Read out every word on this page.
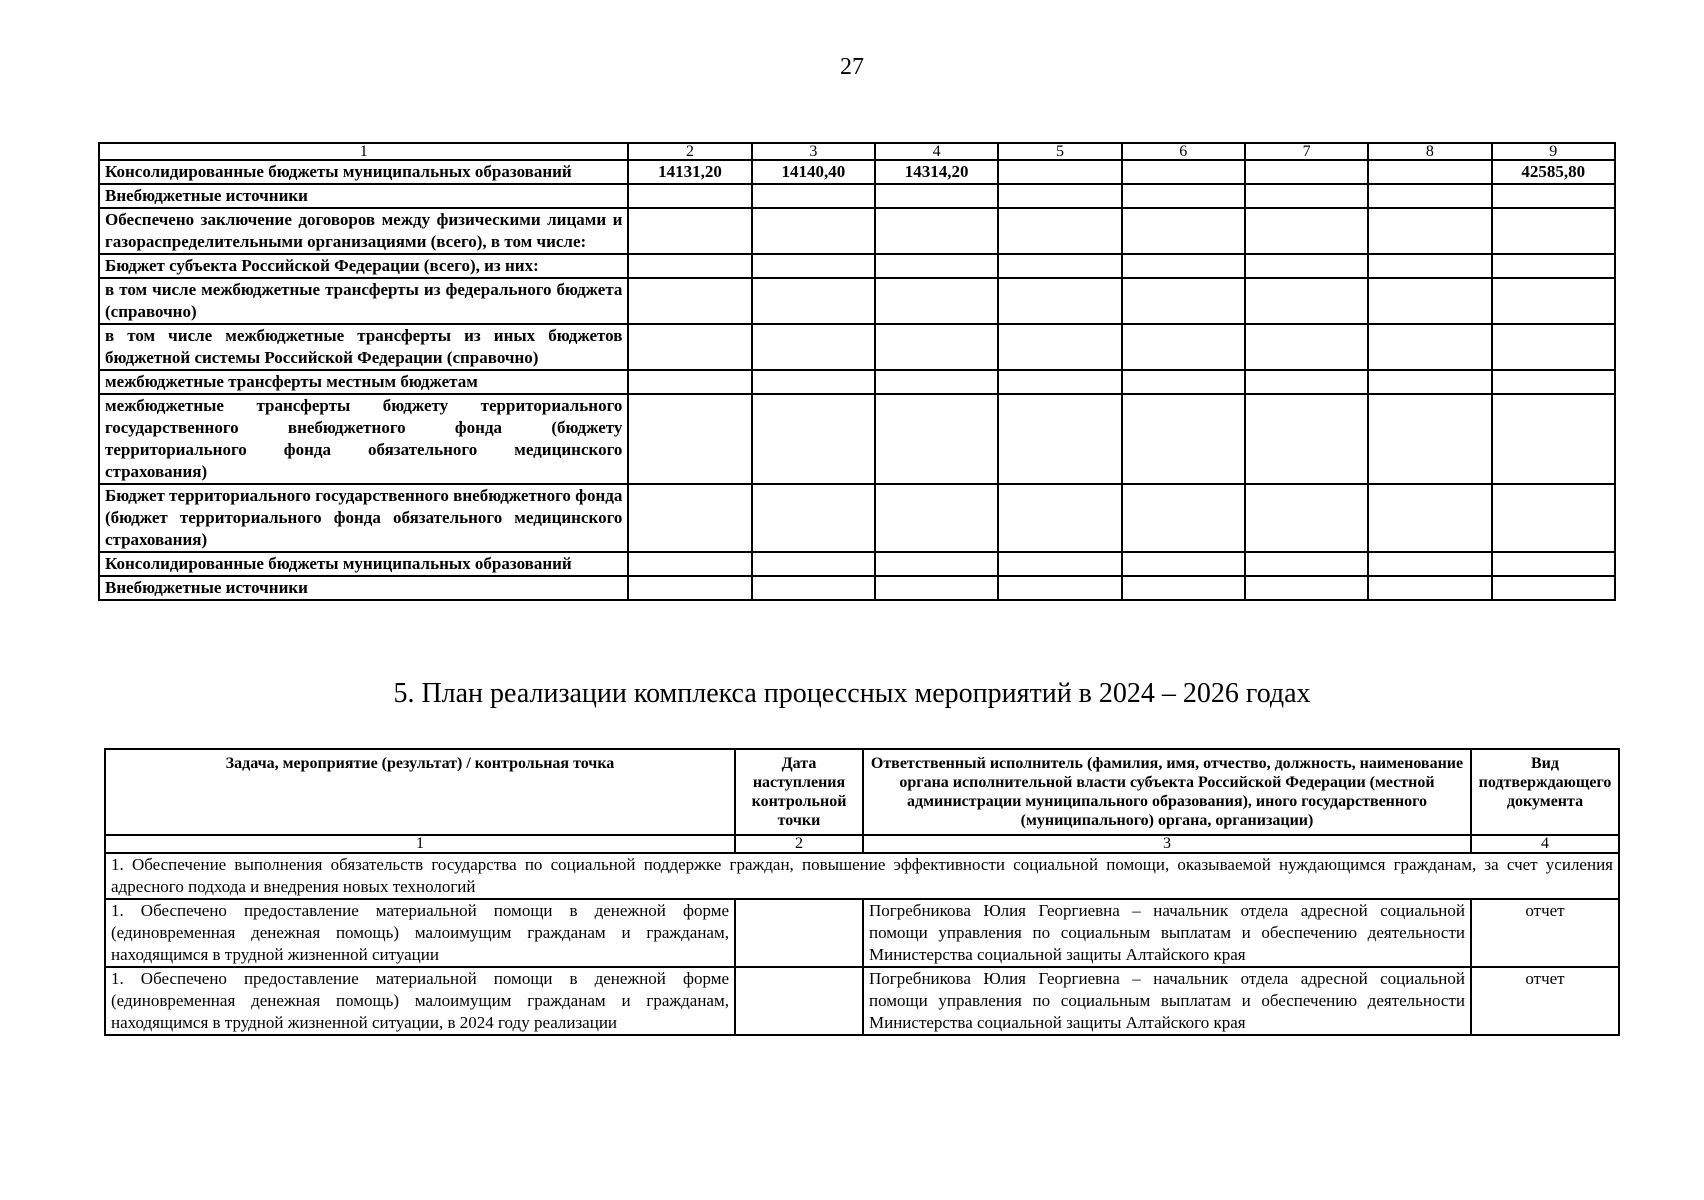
27
1	2	3	4	5	6	7	8	9
Консолидированные бюджеты муниципальных образований	14131,20	14140,40	14314,20					42585,80
Внебюджетные источники								
Обеспечено заключение договоров между физическими лицами и газораспределительными организациями (всего), в том числе:								
Бюджет субъекта Российской Федерации (всего), из них:								
в том числе межбюджетные трансферты из федерального бюджета (справочно)								
в том числе межбюджетные трансферты из иных бюджетов бюджетной системы Российской Федерации (справочно)								
межбюджетные трансферты местным бюджетам								
межбюджетные трансферты бюджету территориального государственного внебюджетного фонда (бюджету территориального фонда обязательного медицинского страхования)								
Бюджет территориального государственного внебюджетного фонда (бюджет территориального фонда обязательного медицинского страхования)								
Консолидированные бюджеты муниципальных образований								
Внебюджетные источники								
5. План реализации комплекса процессных мероприятий в 2024 – 2026 годах
Задача, мероприятие (результат) / контрольная точка	Дата наступления контрольной точки	Ответственный исполнитель (фамилия, имя, отчество, должность, наименование органа исполнительной власти субъекта Российской Федерации (местной администрации муниципального образования), иного государственного (муниципального) органа, организации)	Вид подтверждающего документа
1	2	3	4
1. Обеспечение выполнения обязательств государства по социальной поддержке граждан, повышение эффективности социальной помощи, оказываемой нуждающимся гражданам, за счет усиления адресного подхода и внедрения новых технологий			
1. Обеспечено предоставление материальной помощи в денежной форме (единовременная денежная помощь) малоимущим гражданам и гражданам, находящимся в трудной жизненной ситуации		Погребникова Юлия Георгиевна – начальник отдела адресной социальной помощи управления по социальным выплатам и обеспечению деятельности Министерства социальной защиты Алтайского края	отчет
1. Обеспечено предоставление материальной помощи в денежной форме (единовременная денежная помощь) малоимущим гражданам и гражданам, находящимся в трудной жизненной ситуации, в 2024 году реализации		Погребникова Юлия Георгиевна – начальник отдела адресной социальной помощи управления по социальным выплатам и обеспечению деятельности Министерства социальной защиты Алтайского края	отчет
